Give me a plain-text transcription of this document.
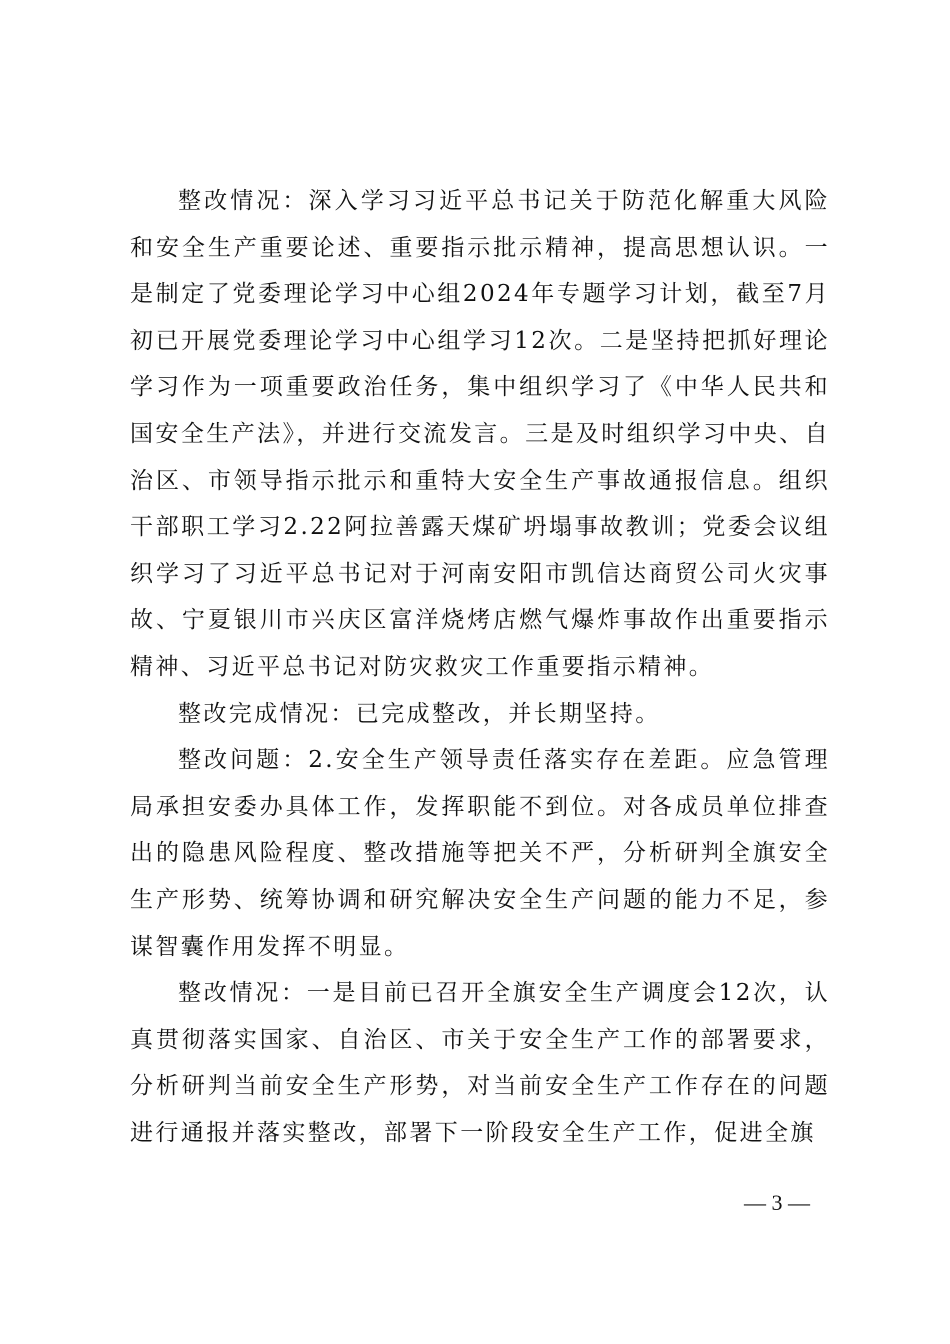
整改情况：深入学习习近平总书记关于防范化解重大风险和安全生产重要论述、重要指示批示精神，提高思想认识。一是制定了党委理论学习中心组2024年专题学习计划，截至7月初已开展党委理论学习中心组学习12次。二是坚持把抓好理论学习作为一项重要政治任务，集中组织学习了《中华人民共和国安全生产法》，并进行交流发言。三是及时组织学习中央、自治区、市领导指示批示和重特大安全生产事故通报信息。组织干部职工学习2.22阿拉善露天煤矿坍塌事故教训；党委会议组织学习了习近平总书记对于河南安阳市凯信达商贸公司火灾事故、宁夏银川市兴庆区富洋烧烤店燃气爆炸事故作出重要指示精神、习近平总书记对防灾救灾工作重要指示精神。

整改完成情况：已完成整改，并长期坚持。

整改问题：2.安全生产领导责任落实存在差距。应急管理局承担安委办具体工作，发挥职能不到位。对各成员单位排查出的隐患风险程度、整改措施等把关不严，分析研判全旗安全生产形势、统筹协调和研究解决安全生产问题的能力不足，参谋智囊作用发挥不明显。

整改情况：一是目前已召开全旗安全生产调度会12次，认真贯彻落实国家、自治区、市关于安全生产工作的部署要求，分析研判当前安全生产形势，对当前安全生产工作存在的问题进行通报并落实整改，部署下一阶段安全生产工作，促进全旗

— 3 —
